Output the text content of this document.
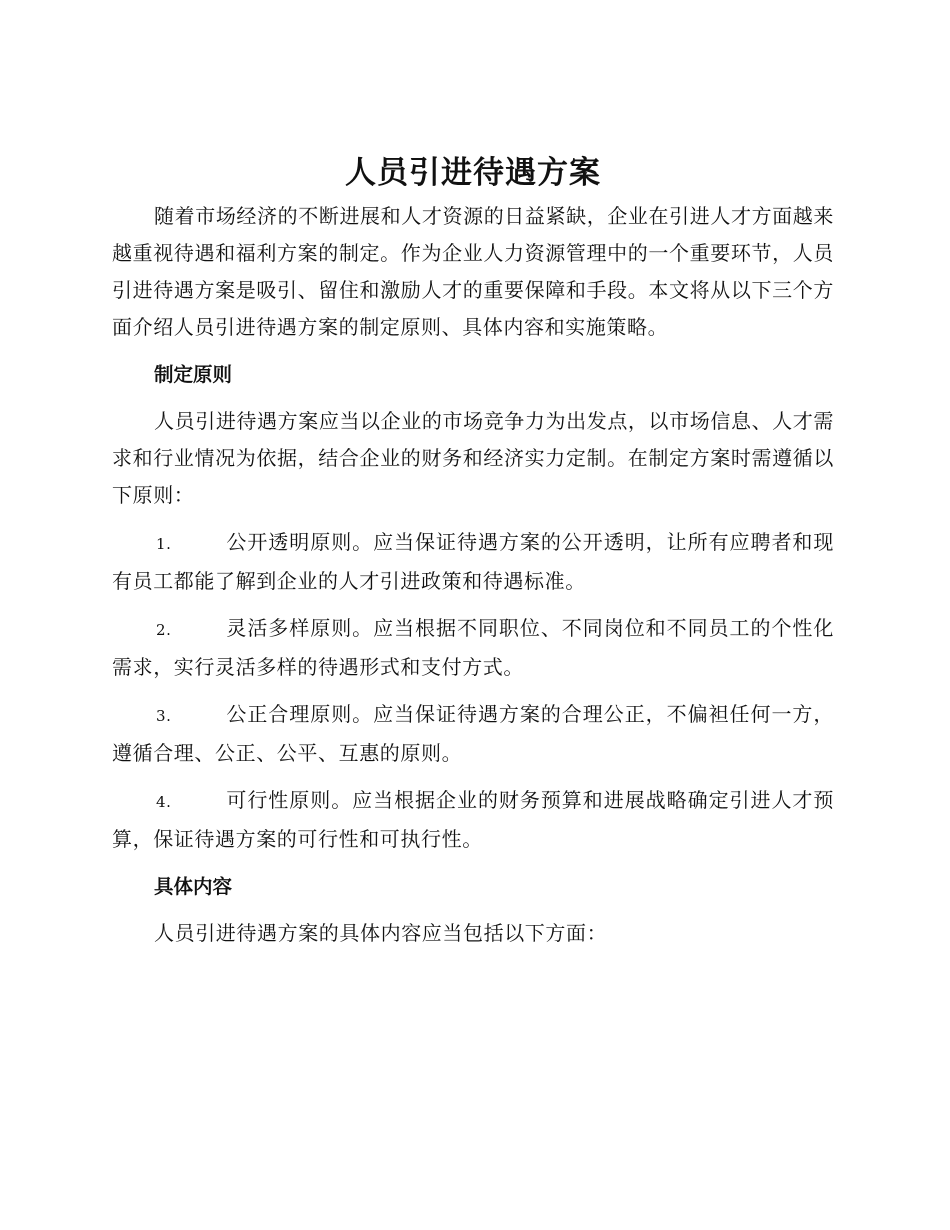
人员引进待遇方案

随着市场经济的不断进展和人才资源的日益紧缺，企业在引进人才方面越来越重视待遇和福利方案的制定。作为企业人力资源管理中的一个重要环节，人员引进待遇方案是吸引、留住和激励人才的重要保障和手段。本文将从以下三个方面介绍人员引进待遇方案的制定原则、具体内容和实施策略。

制定原则

人员引进待遇方案应当以企业的市场竞争力为出发点，以市场信息、人才需求和行业情况为依据，结合企业的财务和经济实力定制。在制定方案时需遵循以下原则：

1.	公开透明原则。应当保证待遇方案的公开透明，让所有应聘者和现有员工都能了解到企业的人才引进政策和待遇标准。

2.	灵活多样原则。应当根据不同职位、不同岗位和不同员工的个性化需求，实行灵活多样的待遇形式和支付方式。

3.	公正合理原则。应当保证待遇方案的合理公正，不偏袒任何一方，遵循合理、公正、公平、互惠的原则。

4.	可行性原则。应当根据企业的财务预算和进展战略确定引进人才预算，保证待遇方案的可行性和可执行性。

具体内容

人员引进待遇方案的具体内容应当包括以下方面：
